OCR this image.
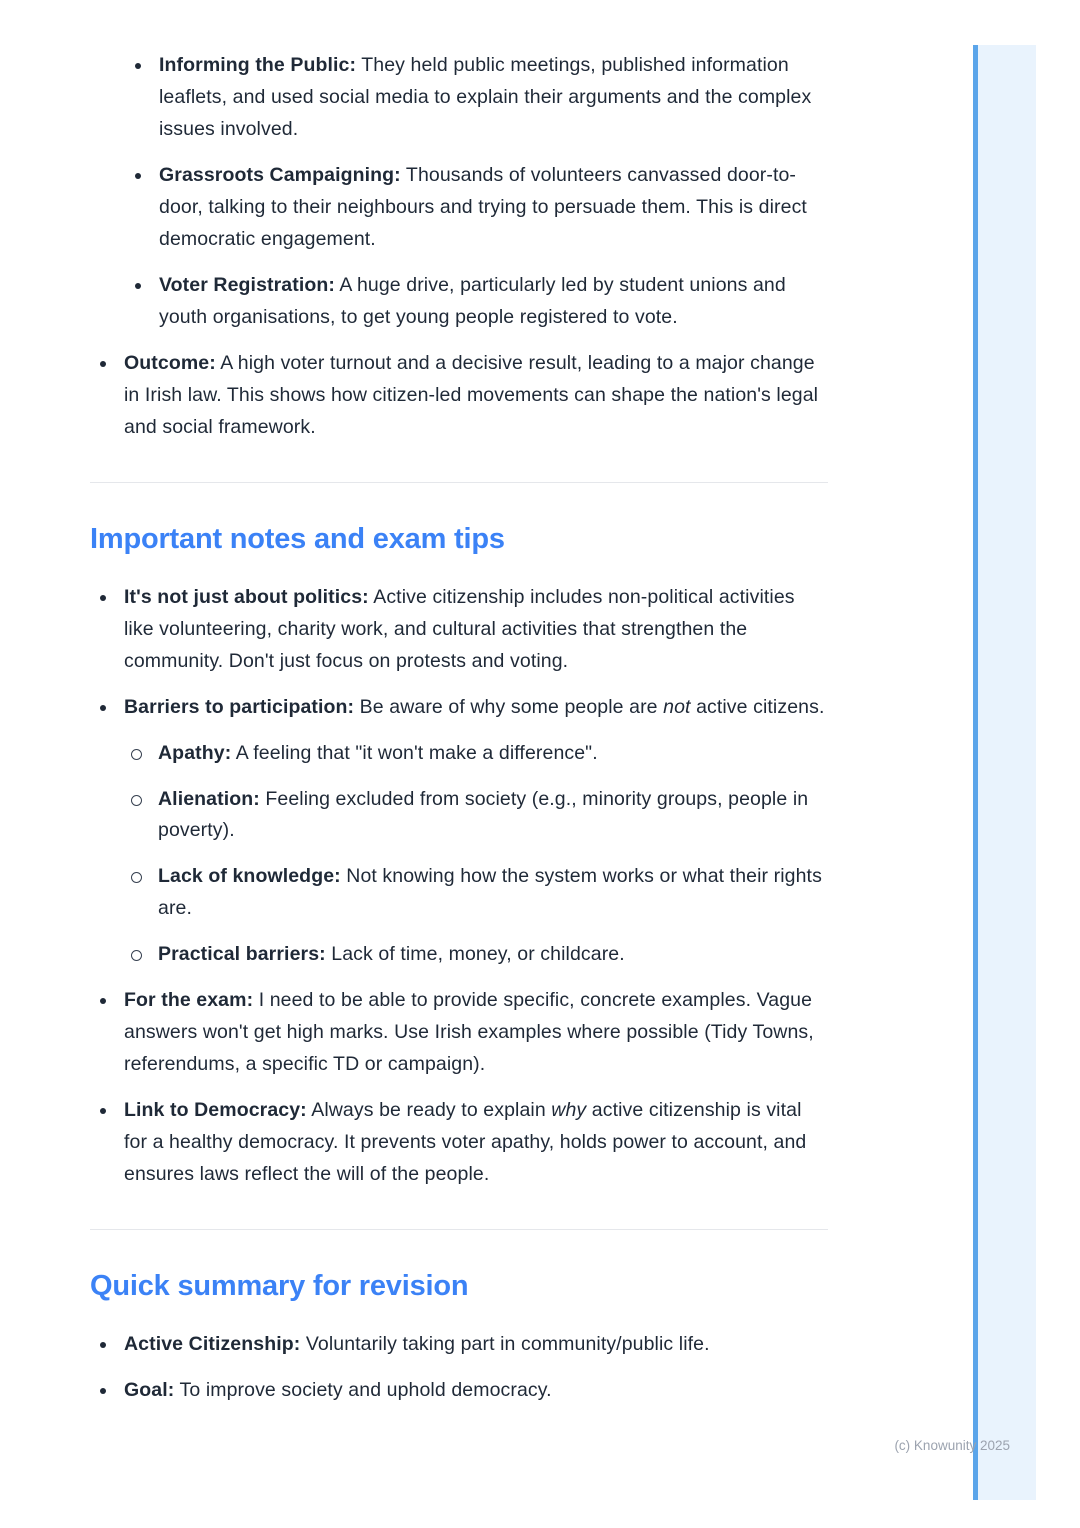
Informing the Public: They held public meetings, published information leaflets, and used social media to explain their arguments and the complex issues involved.
Grassroots Campaigning: Thousands of volunteers canvassed door-to-door, talking to their neighbours and trying to persuade them. This is direct democratic engagement.
Voter Registration: A huge drive, particularly led by student unions and youth organisations, to get young people registered to vote.
Outcome: A high voter turnout and a decisive result, leading to a major change in Irish law. This shows how citizen-led movements can shape the nation's legal and social framework.
Important notes and exam tips
It's not just about politics: Active citizenship includes non-political activities like volunteering, charity work, and cultural activities that strengthen the community. Don't just focus on protests and voting.
Barriers to participation: Be aware of why some people are not active citizens.
Apathy: A feeling that "it won't make a difference".
Alienation: Feeling excluded from society (e.g., minority groups, people in poverty).
Lack of knowledge: Not knowing how the system works or what their rights are.
Practical barriers: Lack of time, money, or childcare.
For the exam: I need to be able to provide specific, concrete examples. Vague answers won't get high marks. Use Irish examples where possible (Tidy Towns, referendums, a specific TD or campaign).
Link to Democracy: Always be ready to explain why active citizenship is vital for a healthy democracy. It prevents voter apathy, holds power to account, and ensures laws reflect the will of the people.
Quick summary for revision
Active Citizenship: Voluntarily taking part in community/public life.
Goal: To improve society and uphold democracy.
(c) Knowunity 2025
